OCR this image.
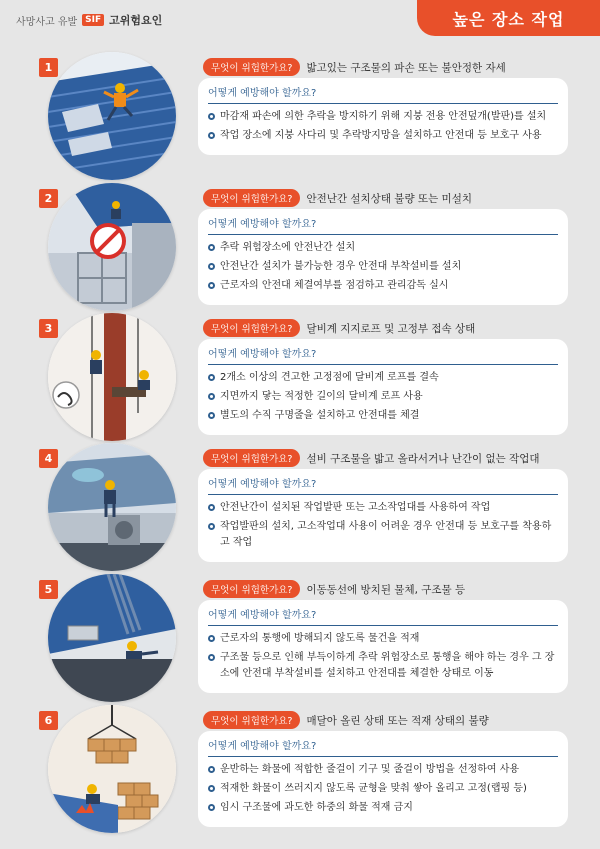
사망사고 유발 SIF 고위험요인	높은 장소 작업
1	무엇이 위험한가요?	밟고있는 구조물의 파손 또는 불안정한 자세
어떻게 예방해야 할까요?
마감재 파손에 의한 추락을 방지하기 위해 지붕 전용 안전덮개(발판)를 설치
작업 장소에 지붕 사다리 및 추락방지망을 설치하고 안전대 등 보호구 사용
2	무엇이 위험한가요?	안전난간 설치상태 불량 또는 미설치
어떻게 예방해야 할까요?
추락 위험장소에 안전난간 설치
안전난간 설치가 불가능한 경우 안전대 부착설비를 설치
근로자의 안전대 체결여부를 점검하고 관리감독 실시
3	무엇이 위험한가요?	달비계 지지로프 및 고정부 접속 상태
어떻게 예방해야 할까요?
2개소 이상의 견고한 고정점에 달비계 로프를 결속
지면까지 닿는 적정한 길이의 달비계 로프 사용
별도의 수직 구명줄을 설치하고 안전대를 체결
4	무엇이 위험한가요?	설비 구조물을 밟고 올라서거나 난간이 없는 작업대
어떻게 예방해야 할까요?
안전난간이 설치된 작업발판 또는 고소작업대를 사용하여 작업
작업발판의 설치, 고소작업대 사용이 어려운 경우 안전대 등 보호구를 착용하고 작업
5	무엇이 위험한가요?	이동동선에 방치된 물체, 구조물 등
어떻게 예방해야 할까요?
근로자의 통행에 방해되지 않도록 물건을 적재
구조물 등으로 인해 부득이하게 추락 위험장소로 통행을 해야 하는 경우 그 장소에 안전대 부착설비를 설치하고 안전대를 체결한 상태로 이동
6	무엇이 위험한가요?	매달아 올린 상태 또는 적재 상태의 불량
어떻게 예방해야 할까요?
운반하는 화물에 적합한 줄걸이 기구 및 줄걸이 방법을 선정하여 사용
적재한 화물이 쓰러지지 않도록 균형을 맞춰 쌓아 올리고 고정(랩핑 등)
임시 구조물에 과도한 하중의 화물 적재 금지
